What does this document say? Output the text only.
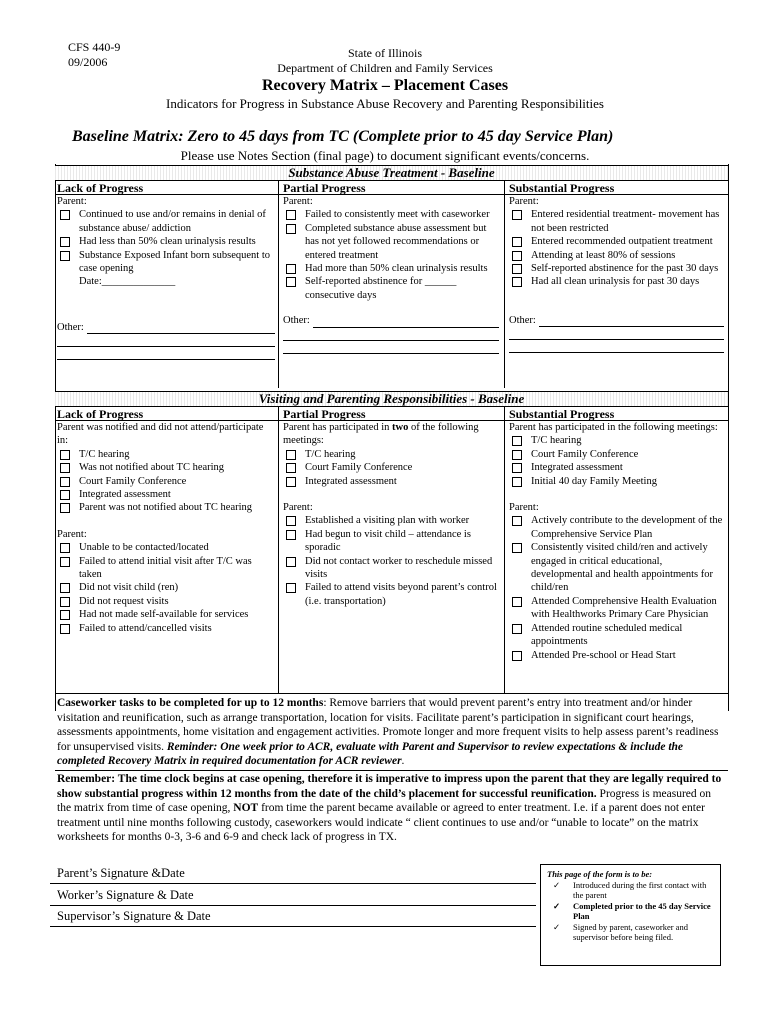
CFS 440-9
09/2006
State of Illinois
Department of Children and Family Services
Recovery Matrix – Placement Cases
Indicators for Progress in Substance Abuse Recovery and Parenting Responsibilities
Baseline Matrix: Zero to 45 days from TC (Complete prior to 45 day Service Plan)
Please use Notes Section (final page) to document significant events/concerns.
Substance Abuse Treatment - Baseline
Lack of Progress
Parent:
Continued to use and/or remains in denial of substance abuse/ addiction
Had less than 50% clean urinalysis results
Substance Exposed Infant born subsequent to case opening
Date:______________
Other:
Partial Progress
Parent:
Failed to consistently meet with caseworker
Completed substance abuse assessment but has not yet followed recommendations or entered treatment
Had more than 50% clean urinalysis results
Self-reported abstinence for ______ consecutive days
Other:
Substantial Progress
Parent:
Entered residential treatment- movement has not been restricted
Entered recommended outpatient treatment
Attending at least 80% of sessions
Self-reported abstinence for the past 30 days
Had all clean urinalysis for past 30 days
Other:
Visiting and Parenting Responsibilities - Baseline
Lack of Progress
Parent was notified and did not attend/participate in:
T/C hearing
Was not notified about TC hearing
Court Family Conference
Integrated assessment
Parent was not notified about TC hearing
Parent:
Unable to be contacted/located
Failed to attend initial visit after T/C was taken
Did not visit child (ren)
Did not request visits
Had not made self-available for services
Failed to attend/cancelled visits
Partial Progress
Parent has participated in two of the following meetings:
T/C hearing
Court Family Conference
Integrated assessment
Parent:
Established a visiting plan with worker
Had begun to visit child – attendance is sporadic
Did not contact worker to reschedule missed visits
Failed to attend visits beyond parent’s control (i.e. transportation)
Substantial Progress
Parent has participated in the following meetings:
T/C hearing
Court Family Conference
Integrated assessment
Initial 40 day Family Meeting
Parent:
Actively contribute to the development of the Comprehensive Service Plan
Consistently visited child/ren and actively engaged in critical educational, developmental and health appointments for child/ren
Attended Comprehensive Health Evaluation with Healthworks Primary Care Physician
Attended routine scheduled medical appointments
Attended Pre-school or Head Start
Caseworker tasks to be completed for up to 12 months: Remove barriers that would prevent parent’s entry into treatment and/or hinder visitation and reunification, such as arrange transportation, location for visits. Facilitate parent’s participation in significant court hearings, assessments appointments, home visitation and engagement activities. Promote longer and more frequent visits to help assess parent’s readiness for unsupervised visits. Reminder: One week prior to ACR, evaluate with Parent and Supervisor to review expectations & include the completed Recovery Matrix in required documentation for ACR reviewer.
Remember: The time clock begins at case opening, therefore it is imperative to impress upon the parent that they are legally required to show substantial progress within 12 months from the date of the child’s placement for successful reunification. Progress is measured on the matrix from time of case opening, NOT from time the parent became available or agreed to enter treatment. I.e. if a parent does not enter treatment until nine months following custody, caseworkers would indicate “ client continues to use and/or “unable to locate” on the matrix worksheets for months 0-3, 3-6 and 6-9 and check lack of progress in TX.
Parent’s Signature &Date
Worker’s Signature & Date
Supervisor’s Signature & Date
This page of the form is to be:
✓ Introduced during the first contact with the parent
✓ Completed prior to the 45 day Service Plan
✓ Signed by parent, caseworker and supervisor before being filed.
